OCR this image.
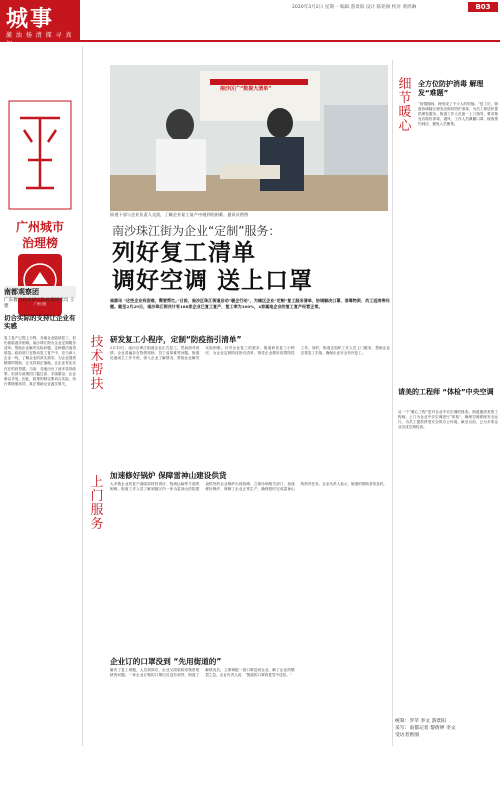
城事
激 浊 扬 清 探 寻 真
2020年3月2日 星期一 编辑 游景阳 设计 陈铭俊 校对 黄鸿琳	B03
广州城市
治理榜
广州日报
南都观察团
广东数字政府研究院政策研究员 王建
切合实际的支持让企业有实感
复工复产已提上日程，各地企业陆续复工，但仍面临诸多困难。南沙珠江街为企业定制服务清单，帮助企业解决实际问题，这种做法值得借鉴。政府部门在推动复工复产中，应当深入企业一线，了解企业的真实需求，为企业提供精准的帮助，让支持真正落地，让企业有实实在在的获得感。当前，各地出台了诸多扶持政策，但部分政策因门槛过高、手续繁杂，企业难以享受。因此，政策的制定要切合实际，执行要简便高效，真正帮助企业渡过难关。
南沙区广“数提大清单”
街道干部与企业负责人交流，了解企业复工复产中遇到的困难。通讯员供图
南沙珠江街为企业“定制”服务：
列好复工清单
调好空调 送上口罩
南都讯 “这些企业有困难，需要帮忙。”日前，南沙区珠江街道启动“暖企行动”，为辖区企业“定制”复工服务清单，协调解决口罩、消毒物资、员工返岗等问题。截至2月29日，南沙珠江街共计有188家企业已复工复产，复工率为100%，4家属地企业的复工复产经营正常。
技术帮扶
研发复工小程序，定制“防疫指引清单”
2月10日，南沙区珠江街道企业正式复工，然而面对疫情，企业普遍存在物资短缺、员工返岗难等问题。街道迅速成立工作专班，深入企业了解情况，帮助企业解决实际困难。针对企业复工的需求，街道研发复工小程序，为企业定制防疫指引清单，指导企业做好疫情防控工作。同时，街道还组织工作人员上门服务，帮助企业完善复工手续，确保企业安全有序复工。
上门服务
加速修好锅炉 保障雷神山建设供货
大多数企业的复产面临原材料供应、物流运输等方面的困难。街道工作人员了解到辖区内一家为雷神山医院建设供货的企业锅炉出现故障，立即协调相关部门，加速修好锅炉，保障了企业正常生产，确保按时完成雷神山的供货任务。企业负责人表示，街道的帮助非常及时。
企业订的口罩没到 “先用街道的”
解决了复工难题，人员到岗后，企业又面临防疫物资短缺的问题。一家企业订购的口罩迟迟没有到货，街道了解情况后，立即调配一批口罩送到企业，解了企业的燃眉之急。企业负责人说：“街道的口罩真是雪中送炭。”
细节暖心
全方位防护消毒 解理发“难题”
“疫情期间，理发成了不少人的烦恼。”复工后，街道协调辖区理发店做好防护消毒，为员工和居民提供理发服务。街道工作人员逐一上门指导，要求理发店做好消毒、通风，工作人员佩戴口罩，顾客预约到店，避免人员聚集。
请美的工程师 “体检”中央空调
另一个“暖心工程”是对企业中央空调的排查。街道邀请美的工程师，上门为企业中央空调进行“体检”，确保空调系统安全运行，为员工提供舒适安全的办公环境。截至目前，已为多家企业完成空调检查。
统筹：罗苹 李文 游景阳
采写：南都记者 黎倩婷 李文
受访者供图
